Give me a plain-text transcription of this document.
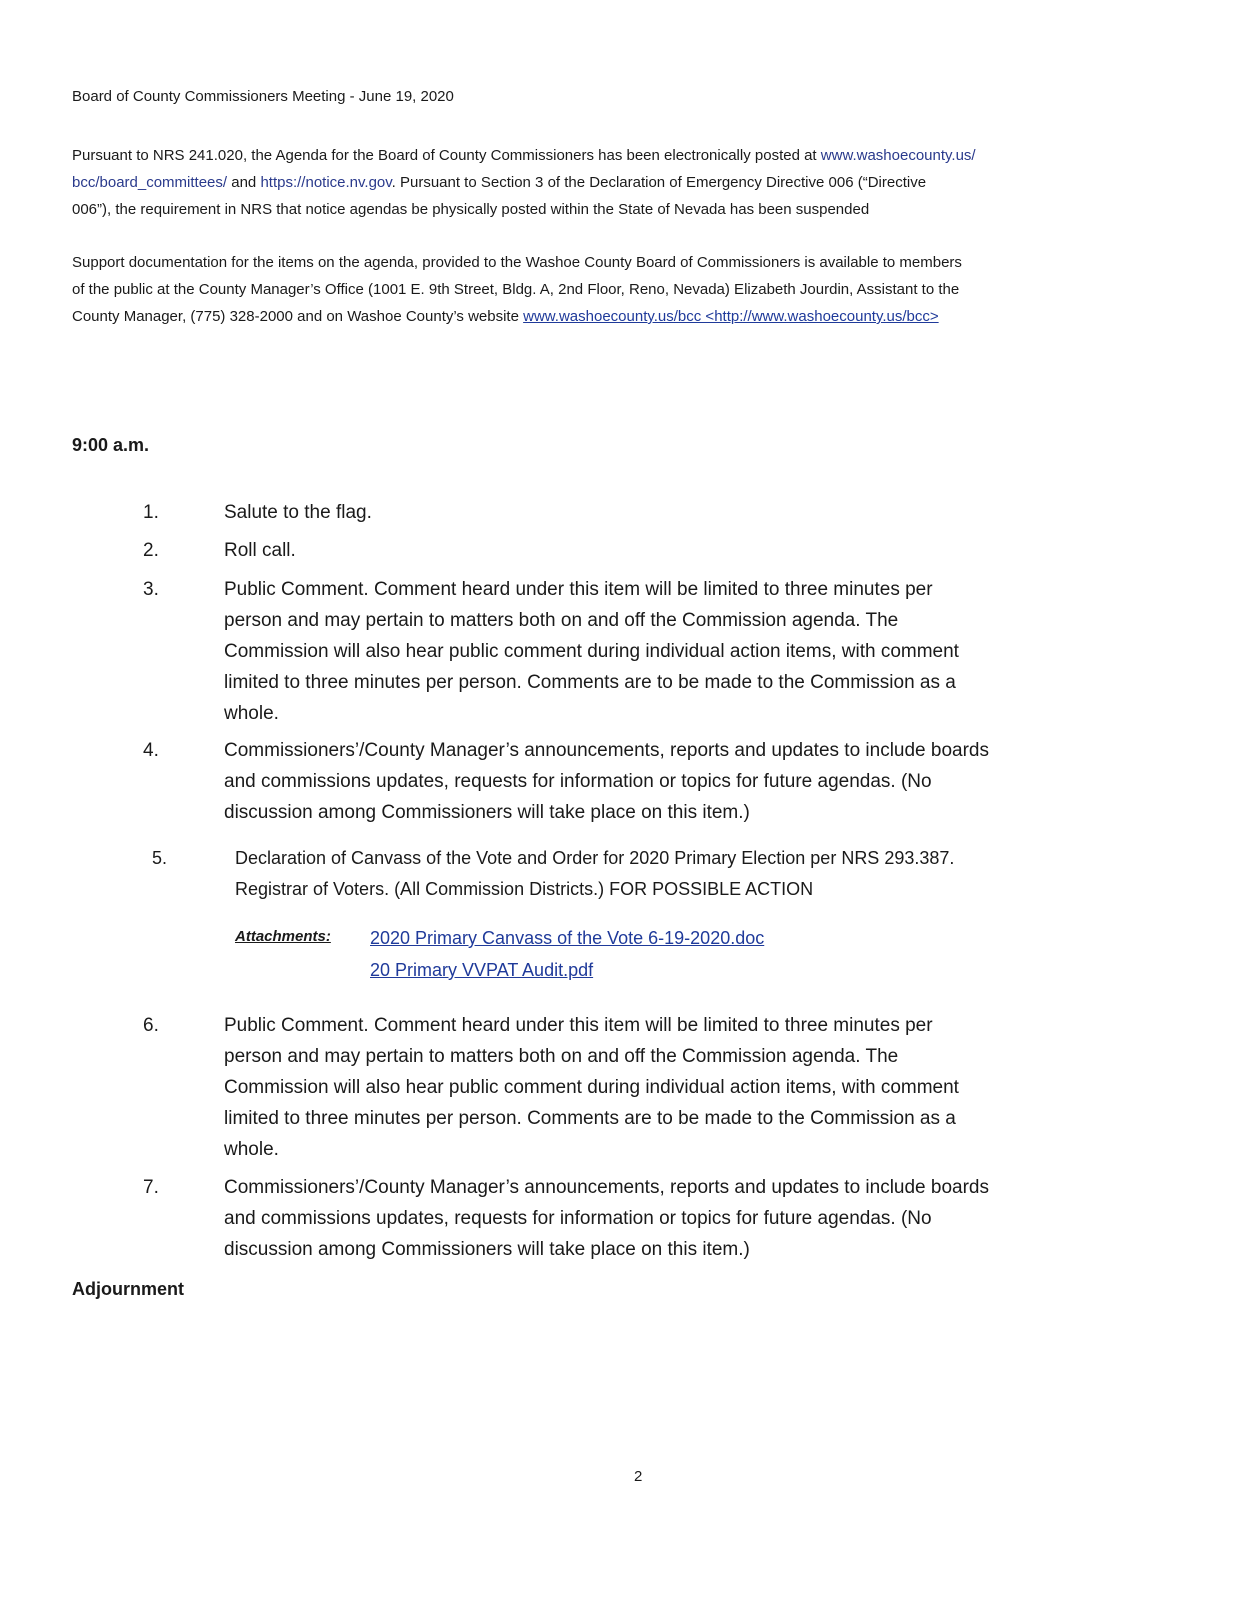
Board of County Commissioners Meeting - June 19, 2020
Pursuant to NRS 241.020, the Agenda for the Board of County Commissioners has been electronically posted at www.washoecounty.us/
bcc/board_committees/ and https://notice.nv.gov. Pursuant to Section 3 of the Declaration of Emergency Directive 006 (“Directive
006”), the requirement in NRS that notice agendas be physically posted within the State of Nevada has been suspended
Support documentation for the items on the agenda, provided to the Washoe County Board of Commissioners is available to members
of the public at the County Manager’s Office (1001 E. 9th Street, Bldg. A, 2nd Floor, Reno, Nevada) Elizabeth Jourdin, Assistant to the
County Manager, (775) 328-2000 and on Washoe County’s website www.washoecounty.us/bcc <http://www.washoecounty.us/bcc>
9:00 a.m.
1.	Salute to the flag.
2.	Roll call.
3.	Public Comment. Comment heard under this item will be limited to three minutes per
person and may pertain to matters both on and off the Commission agenda. The
Commission will also hear public comment during individual action items, with comment
limited to three minutes per person. Comments are to be made to the Commission as a
whole.
4.	Commissioners’/County Manager’s announcements, reports and updates to include boards
and commissions updates, requests for information or topics for future agendas. (No
discussion among Commissioners will take place on this item.)
5.	Declaration of Canvass of the Vote and Order for 2020 Primary Election per NRS 293.387.
Registrar of Voters. (All Commission Districts.) FOR POSSIBLE ACTION
Attachments: 2020 Primary Canvass of the Vote 6-19-2020.doc
20 Primary VVPAT Audit.pdf
6.	Public Comment. Comment heard under this item will be limited to three minutes per
person and may pertain to matters both on and off the Commission agenda. The
Commission will also hear public comment during individual action items, with comment
limited to three minutes per person. Comments are to be made to the Commission as a
whole.
7.	Commissioners’/County Manager’s announcements, reports and updates to include boards
and commissions updates, requests for information or topics for future agendas. (No
discussion among Commissioners will take place on this item.)
Adjournment
2
